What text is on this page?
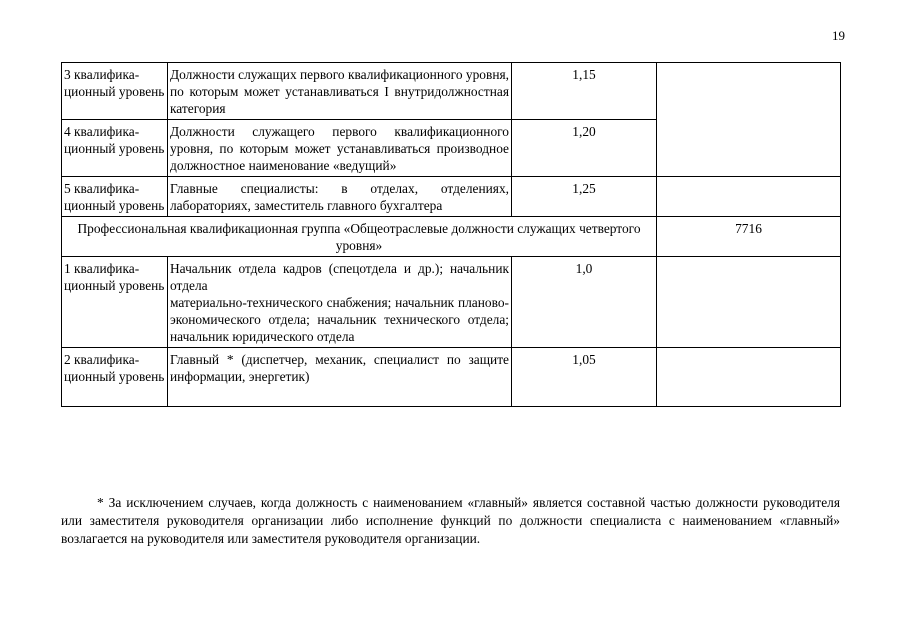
19
3 квалифика-ционный уровень	Должности служащих первого квалификационного уровня, по которым может устанавливаться I внутридолжностная категория	1,15	
4 квалифика-ционный уровень	Должности служащего первого квалификационного уровня, по которым может устанавливаться производное должностное наименование «ведущий»	1,20	
5 квалифика-ционный уровень	Главные специалисты: в отделах, отделениях, лабораториях, заместитель главного бухгалтера	1,25	
Профессиональная квалификационная группа «Общеотраслевые должности служащих четвертого уровня»			7716
1 квалифика-ционный уровень	Начальник отдела кадров (спецотдела и др.); начальник отдела
материально-технического снабжения; начальник планово-экономического отдела; начальник технического отдела; начальник юридического отдела	1,0	
2 квалифика-ционный уровень	Главный * (диспетчер, механик, специалист по защите информации, энергетик)	1,05	
* За исключением случаев, когда должность с наименованием «главный» является составной частью должности руководителя или заместителя руководителя организации либо исполнение функций по должности специалиста с наименованием «главный» возлагается на руководителя или заместителя руководителя организации.
